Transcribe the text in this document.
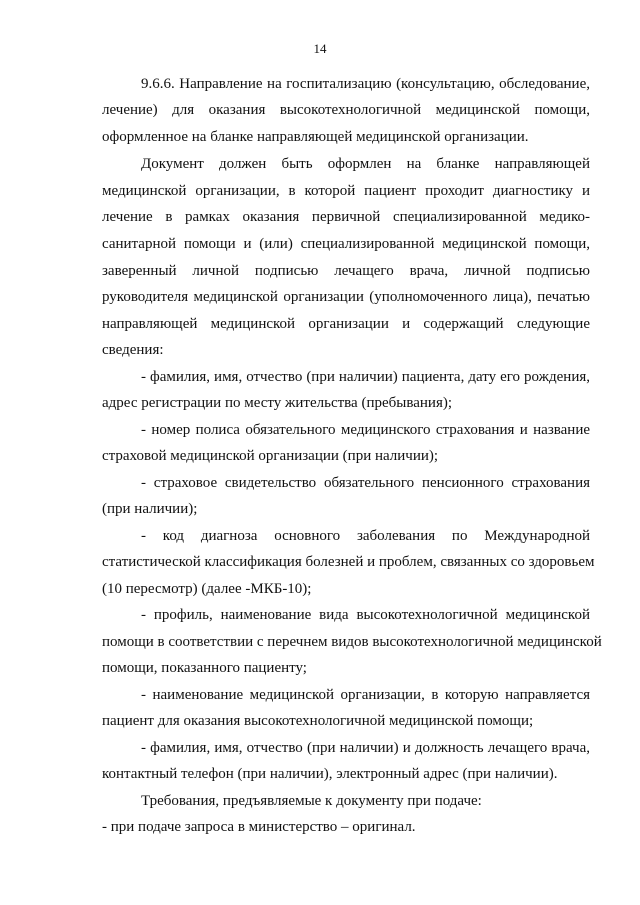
14
9.6.6. Направление на госпитализацию (консультацию, обследование,
лечение) для оказания высокотехнологичной медицинской помощи,
оформленное на бланке направляющей медицинской организации.
Документ должен быть оформлен на бланке направляющей
медицинской организации, в которой пациент проходит диагностику и
лечение в рамках оказания первичной специализированной медико-
санитарной помощи и (или) специализированной медицинской помощи,
заверенный личной подписью лечащего врача, личной подписью
руководителя медицинской организации (уполномоченного лица), печатью
направляющей медицинской организации и содержащий следующие
сведения:
- фамилия, имя, отчество (при наличии) пациента, дату его рождения,
адрес регистрации по месту жительства (пребывания);
- номер полиса обязательного медицинского страхования и название
страховой медицинской организации (при наличии);
- страховое свидетельство обязательного пенсионного страхования
(при наличии);
- код диагноза основного заболевания по Международной
статистической классификация болезней и проблем, связанных со здоровьем
(10 пересмотр) (далее -МКБ-10);
- профиль, наименование вида высокотехнологичной медицинской
помощи в соответствии с перечнем видов высокотехнологичной медицинской
помощи, показанного пациенту;
- наименование медицинской организации, в которую направляется
пациент для оказания высокотехнологичной медицинской помощи;
- фамилия, имя, отчество (при наличии) и должность лечащего врача,
контактный телефон (при наличии), электронный адрес (при наличии).
Требования, предъявляемые к документу при подаче:
- при подаче запроса в министерство – оригинал.
